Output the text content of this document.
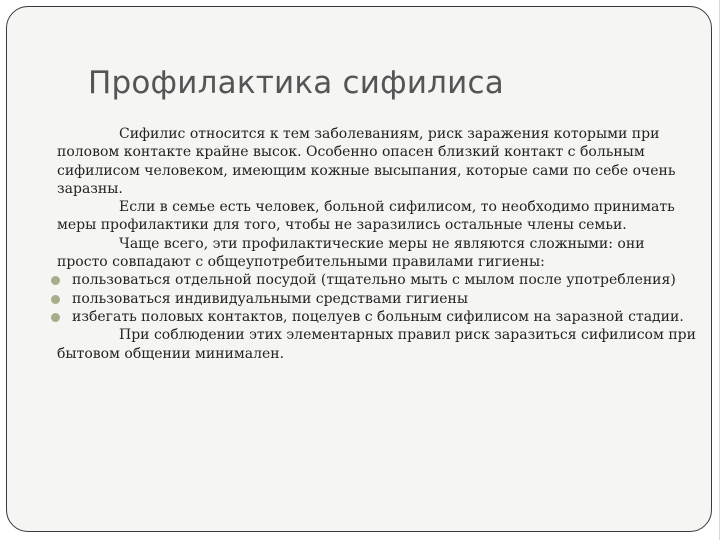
Профилактика сифилиса

Сифилис относится к тем заболеваниям, риск заражения которыми при половом контакте крайне высок. Особенно опасен близкий контакт с больным сифилисом человеком, имеющим кожные высыпания, которые сами по себе очень заразны.

Если в семье есть человек, больной сифилисом, то необходимо принимать меры профилактики для того, чтобы не заразились остальные члены семьи.

Чаще всего, эти профилактические меры не являются сложными: они просто совпадают с общеупотребительными правилами гигиены:

пользоваться отдельной посудой (тщательно мыть с мылом после употребления)
пользоваться индивидуальными средствами гигиены
избегать половых контактов, поцелуев с больным сифилисом на заразной стадии.

При соблюдении этих элементарных правил риск заразиться сифилисом при бытовом общении минимален.
